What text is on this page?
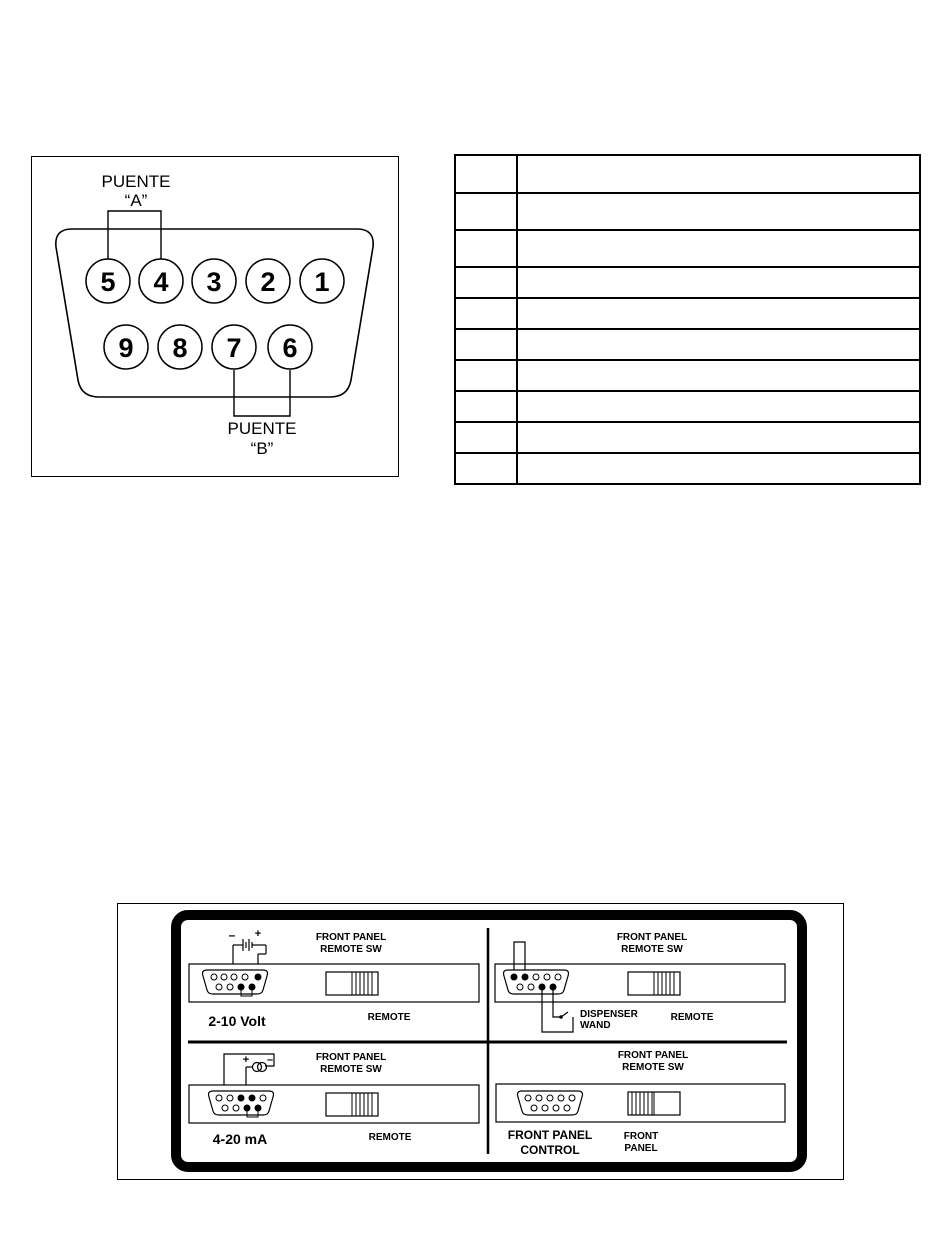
PUENTE
“A”
PUENTE
“B”
5 4 3 2 1
9 8 7 6

FRONT PANEL
REMOTE SW
– +
2-10 Volt	REMOTE
FRONT PANEL
REMOTE SW
DISPENSER
WAND
REMOTE
FRONT PANEL
REMOTE SW
+ –
4-20 mA	REMOTE
FRONT PANEL
REMOTE SW
FRONT PANEL
CONTROL
FRONT
PANEL
